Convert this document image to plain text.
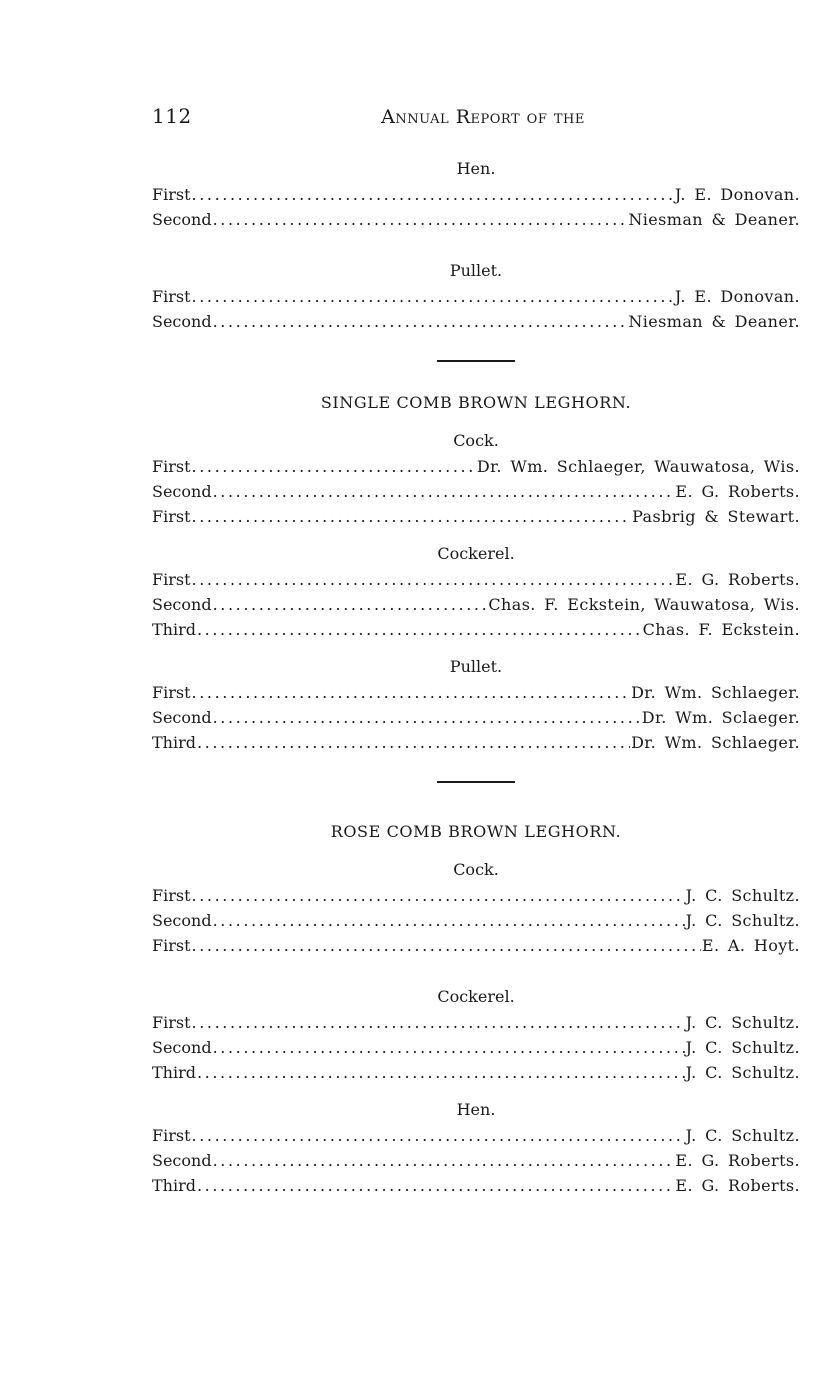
112	Annual Report of the
Hen.
First .....	J. E. Donovan.
Second .....	Niesman & Deaner.
Pullet.
First .....	J. E. Donovan.
Second .....	Niesman & Deaner.
SINGLE COMB BROWN LEGHORN.
Cock.
First .....	Dr. Wm. Schlaeger, Wauwatosa, Wis.
Second .....	E. G. Roberts.
First .....	Pasbrig & Stewart.
Cockerel.
First .....	E. G. Roberts.
Second .....	Chas. F. Eckstein, Wauwatosa, Wis.
Third .....	Chas. F. Eckstein.
Pullet.
First .....	Dr. Wm. Schlaeger.
Second .....	Dr. Wm. Sclaeger.
Third .....	Dr. Wm. Schlaeger.
ROSE COMB BROWN LEGHORN.
Cock.
First .....	J. C. Schultz.
Second .....	J. C. Schultz.
First .....	E. A. Hoyt.
Cockerel.
First .....	J. C. Schultz.
Second .....	J. C. Schultz.
Third .....	J. C. Schultz.
Hen.
First .....	J. C. Schultz.
Second .....	E. G. Roberts.
Third .....	E. G. Roberts.
